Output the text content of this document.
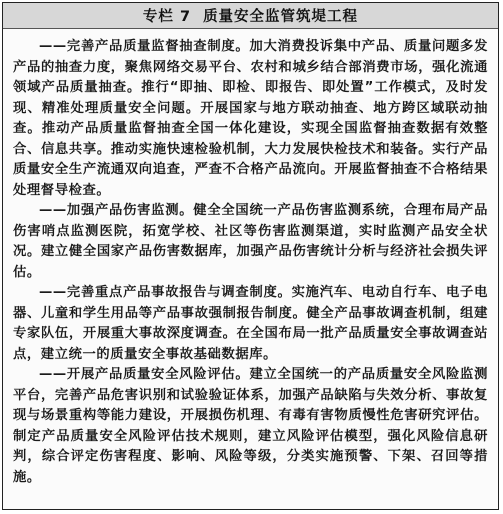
专栏 7 质量安全监管筑堤工程

——完善产品质量监督抽查制度。加大消费投诉集中产品、质量问题多发产品的抽查力度，聚焦网络交易平台、农村和城乡结合部消费市场，强化流通领域产品质量抽查。推行“即抽、即检、即报告、即处置”工作模式，及时发现、精准处理质量安全问题。开展国家与地方联动抽查、地方跨区域联动抽查。推动产品质量监督抽查全国一体化建设，实现全国监督抽查数据有效整合、信息共享。推动实施快速检验机制，大力发展快检技术和装备。实行产品质量安全生产流通双向追查，严查不合格产品流向。开展监督抽查不合格结果处理督导检查。

——加强产品伤害监测。健全全国统一产品伤害监测系统，合理布局产品伤害哨点监测医院，拓宽学校、社区等伤害监测渠道，实时监测产品安全状况。建立健全国家产品伤害数据库，加强产品伤害统计分析与经济社会损失评估。

——完善重点产品事故报告与调查制度。实施汽车、电动自行车、电子电器、儿童和学生用品等产品事故强制报告制度。健全产品事故调查机制，组建专家队伍，开展重大事故深度调查。在全国布局一批产品质量安全事故调查站点，建立统一的质量安全事故基础数据库。

——开展产品质量安全风险评估。建立全国统一的产品质量安全风险监测平台，完善产品危害识别和试验验证体系，加强产品缺陷与失效分析、事故复现与场景重构等能力建设，开展损伤机理、有毒有害物质慢性危害研究评估。制定产品质量安全风险评估技术规则，建立风险评估模型，强化风险信息研判，综合评定伤害程度、影响、风险等级，分类实施预警、下架、召回等措施。
